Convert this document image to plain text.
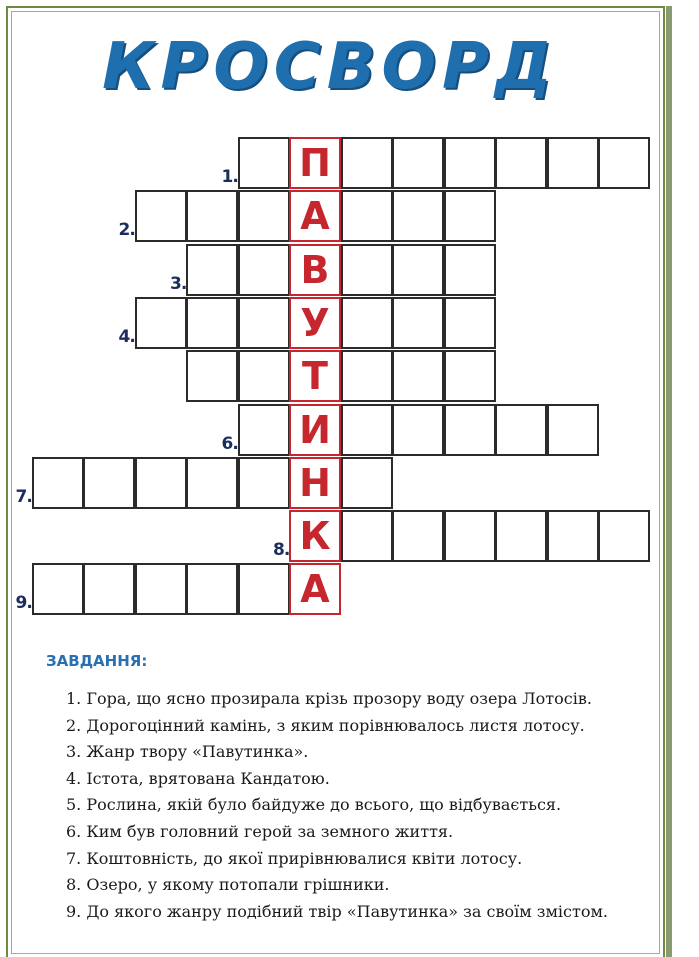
КРОСВОРД
П
1.
А
2.
В
3.
У
4.
Т
И
6.
Н
7.
К
8.
А
9.
ЗАВДАННЯ:
1. Гора, що ясно прозирала крізь прозору воду озера Лотосів.
2. Дорогоцінний камінь, з яким порівнювалось листя лотосу.
3. Жанр твору «Павутинка».
4. Істота, врятована Кандатою.
5. Рослина, якій було байдуже до всього, що відбувається.
6. Ким був головний герой за земного життя.
7. Коштовність, до якої прирівнювалися квіти лотосу.
8. Озеро, у якому потопали грішники.
9. До якого жанру подібний твір «Павутинка» за своїм змістом.
